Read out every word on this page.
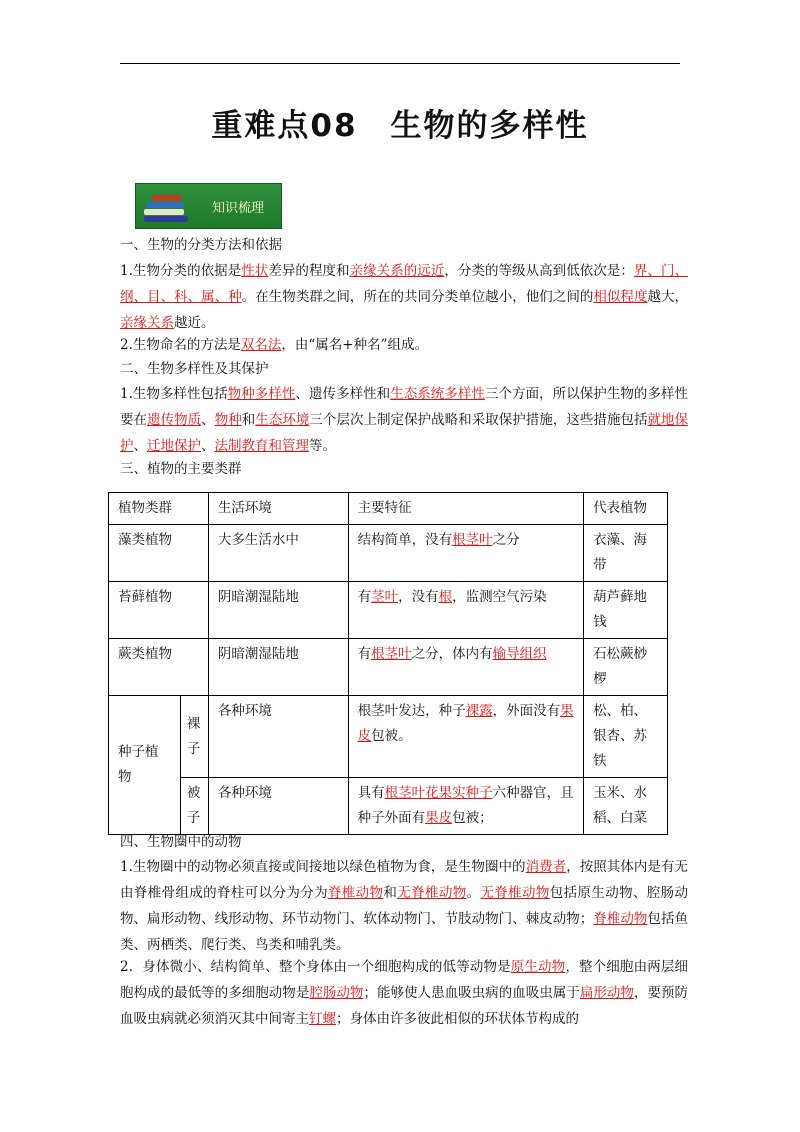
重难点08　生物的多样性
知识梳理

一、生物的分类方法和依据

1.生物分类的依据是性状差异的程度和亲缘关系的远近，分类的等级从高到低依次是：界、门、纲、目、科、属、种。在生物类群之间，所在的共同分类单位越小，他们之间的相似程度越大，亲缘关系越近。

2.生物命名的方法是双名法，由“属名+种名”组成。

二、生物多样性及其保护

1.生物多样性包括物种多样性、遗传多样性和生态系统多样性三个方面，所以保护生物的多样性要在遗传物质、物种和生态环境三个层次上制定保护战略和采取保护措施，这些措施包括就地保护、迁地保护、法制教育和管理等。

三、植物的主要类群

植物类群		生活环境	主要特征	代表植物
藻类植物		大多生活水中	结构简单，没有根茎叶之分	衣藻、海带
苔藓植物		阴暗潮湿陆地	有茎叶，没有根，监测空气污染	葫芦藓地钱
蕨类植物		阴暗潮湿陆地	有根茎叶之分，体内有输导组织	石松蕨桫椤
种子植物	裸子	各种环境	根茎叶发达，种子裸露，外面没有果皮包被。	松、柏、银杏、苏铁
	被子	各种环境	具有根茎叶花果实种子六种器官，且种子外面有果皮包被；	玉米、水稻、白菜

四、生物圈中的动物

1.生物圈中的动物必须直接或间接地以绿色植物为食，是生物圈中的消费者，按照其体内是有无由脊椎骨组成的脊柱可以分为分为脊椎动物和无脊椎动物。无脊椎动物包括原生动物、腔肠动物、扁形动物、线形动物、环节动物门、软体动物门、节肢动物门、棘皮动物；脊椎动物包括鱼类、两栖类、爬行类、鸟类和哺乳类。

2．身体微小、结构简单、整个身体由一个细胞构成的低等动物是原生动物，整个细胞由两层细胞构成的最低等的多细胞动物是腔肠动物；能够使人患血吸虫病的血吸虫属于扁形动物，要预防血吸虫病就必须消灭其中间寄主钉螺；身体由许多彼此相似的环状体节构成的
